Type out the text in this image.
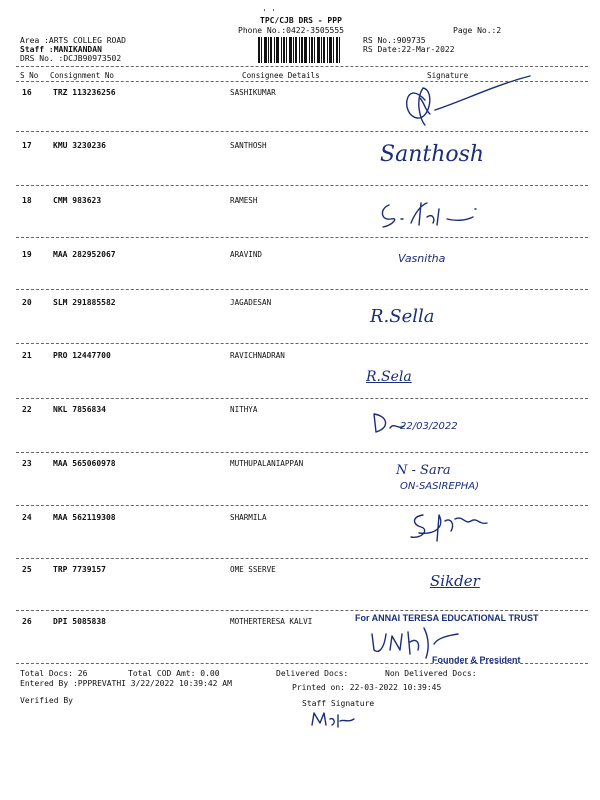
' '
TPC/CJB DRS - PPP
Phone No.:0422-3505555	Page No.:2
Area :ARTS COLLEG ROAD
Staff :MANIKANDAN
DRS No. :DCJB90973502
RS No.:909735
RS Date:22-Mar-2022
S No Consignment No	Consignee Details	Signature
16	TRZ 113236256	SASHIKUMAR
17	KMU 3230236	SANTHOSH	Santhosh
18	CMM 983623	RAMESH
19	MAA 282952067	ARAVIND	Vasnitha
20	SLM 291885582	JAGADESAN
R.Sella
21	PRO 12447700	RAVICHNADRAN
R.Sela
22	NKL 7856834	NITHYA
22/03/2022
23	MAA 565060978	MUTHUPALANIAPPAN	N - Sara
ON-SASIREPHA)
24	MAA 562119308	SHARMILA
25	TRP 7739157	OME SSERVE
Sikder
26	DPI 5085838	MOTHERTERESA KALVI	For ANNAI TERESA EDUCATIONAL TRUST
Founder & President
Total Docs: 26	Total COD Amt: 0.00	Delivered Docs:	Non Delivered Docs:
Entered By :PPPREVATHI 3/22/2022 10:39:42 AM	Printed on: 22-03-2022 10:39:45
Verified By	Staff Signature
